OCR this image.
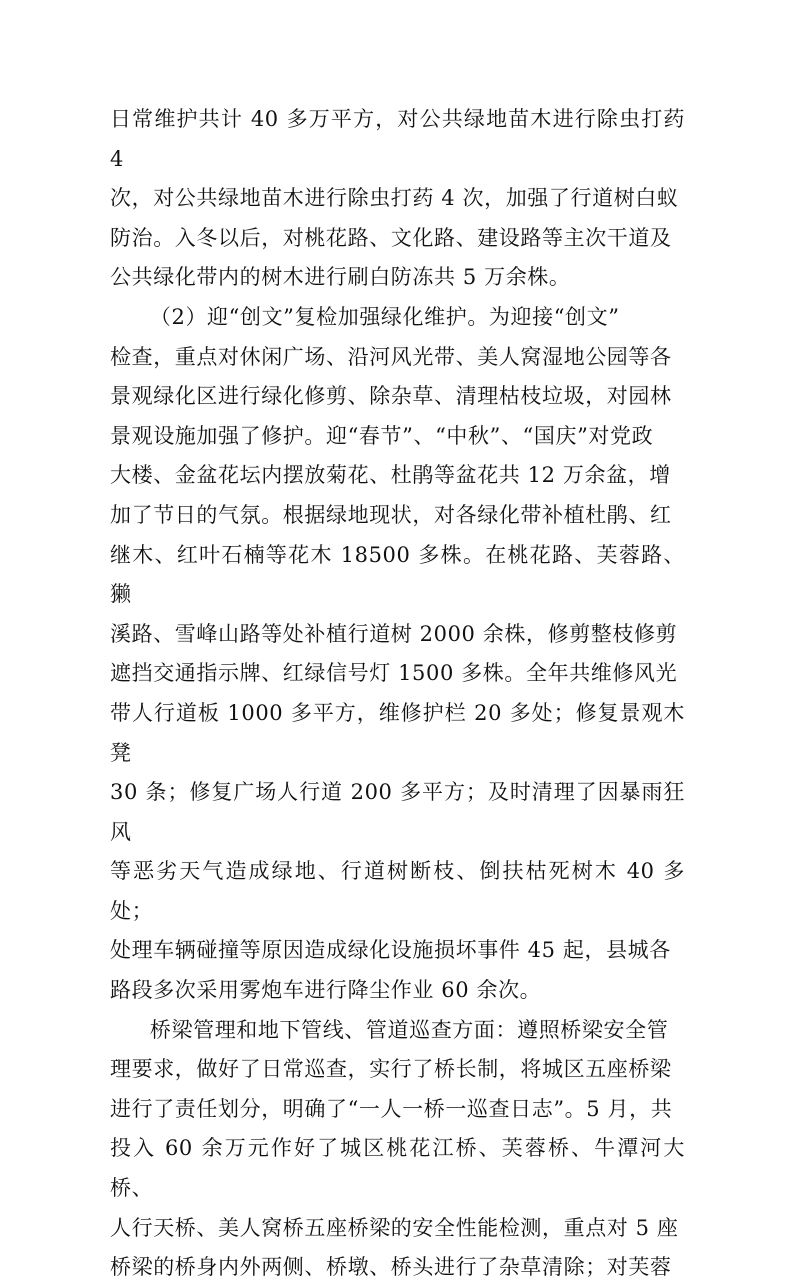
日常维护共计 40 多万平方，对公共绿地苗木进行除虫打药 4
次，对公共绿地苗木进行除虫打药 4 次，加强了行道树白蚁
防治。入冬以后，对桃花路、文化路、建设路等主次干道及
公共绿化带内的树木进行刷白防冻共 5 万余株。

（2）迎“创文”复检加强绿化维护。为迎接“创文”
检查，重点对休闲广场、沿河风光带、美人窝湿地公园等各
景观绿化区进行绿化修剪、除杂草、清理枯枝垃圾，对园林
景观设施加强了修护。迎“春节”、“中秋”、“国庆”对党政
大楼、金盆花坛内摆放菊花、杜鹃等盆花共 12 万余盆，增
加了节日的气氛。根据绿地现状，对各绿化带补植杜鹃、红
继木、红叶石楠等花木 18500 多株。在桃花路、芙蓉路、獭
溪路、雪峰山路等处补植行道树 2000 余株，修剪整枝修剪
遮挡交通指示牌、红绿信号灯 1500 多株。全年共维修风光
带人行道板 1000 多平方，维修护栏 20 多处；修复景观木凳
30 条；修复广场人行道 200 多平方；及时清理了因暴雨狂风
等恶劣天气造成绿地、行道树断枝、倒扶枯死树木 40 多处；
处理车辆碰撞等原因造成绿化设施损坏事件 45 起，县城各
路段多次采用雾炮车进行降尘作业 60 余次。

桥梁管理和地下管线、管道巡查方面：遵照桥梁安全管
理要求，做好了日常巡查，实行了桥长制，将城区五座桥梁
进行了责任划分，明确了“一人一桥一巡查日志”。5 月，共
投入 60 余万元作好了城区桃花江桥、芙蓉桥、牛潭河大桥、
人行天桥、美人窝桥五座桥梁的安全性能检测，重点对 5 座
桥梁的桥身内外两侧、桥墩、桥头进行了杂草清除；对芙蓉
